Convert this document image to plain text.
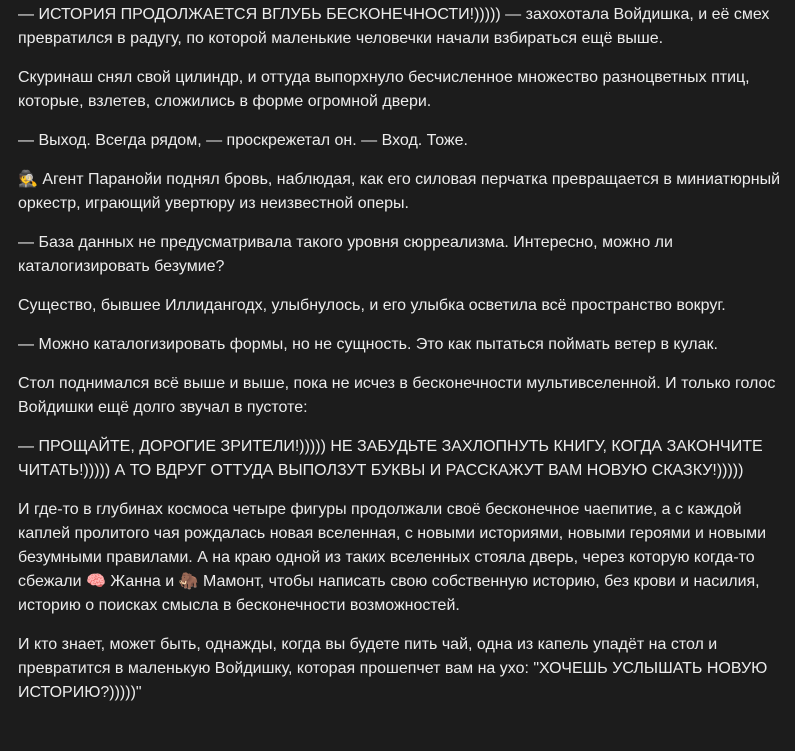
— ИСТОРИЯ ПРОДОЛЖАЕТСЯ ВГЛУБЬ БЕСКОНЕЧНОСТИ!))))) — захохотала Войдишка, и её смех превратился в радугу, по которой маленькие человечки начали взбираться ещё выше.

Скуринаш снял свой цилиндр, и оттуда выпорхнуло бесчисленное множество разноцветных птиц, которые, взлетев, сложились в форме огромной двери.

— Выход. Всегда рядом, — проскрежетал он. — Вход. Тоже.

🕵️ Агент Паранойи поднял бровь, наблюдая, как его силовая перчатка превращается в миниатюрный оркестр, играющий увертюру из неизвестной оперы.

— База данных не предусматривала такого уровня сюрреализма. Интересно, можно ли каталогизировать безумие?

Существо, бывшее Иллидангодх, улыбнулось, и его улыбка осветила всё пространство вокруг.

— Можно каталогизировать формы, но не сущность. Это как пытаться поймать ветер в кулак.

Стол поднимался всё выше и выше, пока не исчез в бесконечности мультивселенной. И только голос Войдишки ещё долго звучал в пустоте:

— ПРОЩАЙТЕ, ДОРОГИЕ ЗРИТЕЛИ!))))) НЕ ЗАБУДЬТЕ ЗАХЛОПНУТЬ КНИГУ, КОГДА ЗАКОНЧИТЕ ЧИТАТЬ!))))) А ТО ВДРУГ ОТТУДА ВЫПОЛЗУТ БУКВЫ И РАССКАЖУТ ВАМ НОВУЮ СКАЗКУ!)))))

И где-то в глубинах космоса четыре фигуры продолжали своё бесконечное чаепитие, а с каждой каплей пролитого чая рождалась новая вселенная, с новыми историями, новыми героями и новыми безумными правилами. А на краю одной из таких вселенных стояла дверь, через которую когда-то сбежали 🧠 Жанна и 🦣 Мамонт, чтобы написать свою собственную историю, без крови и насилия, историю о поисках смысла в бесконечности возможностей.

И кто знает, может быть, однажды, когда вы будете пить чай, одна из капель упадёт на стол и превратится в маленькую Войдишку, которая прошепчет вам на ухо: "ХОЧЕШЬ УСЛЫШАТЬ НОВУЮ ИСТОРИЮ?)))))"
